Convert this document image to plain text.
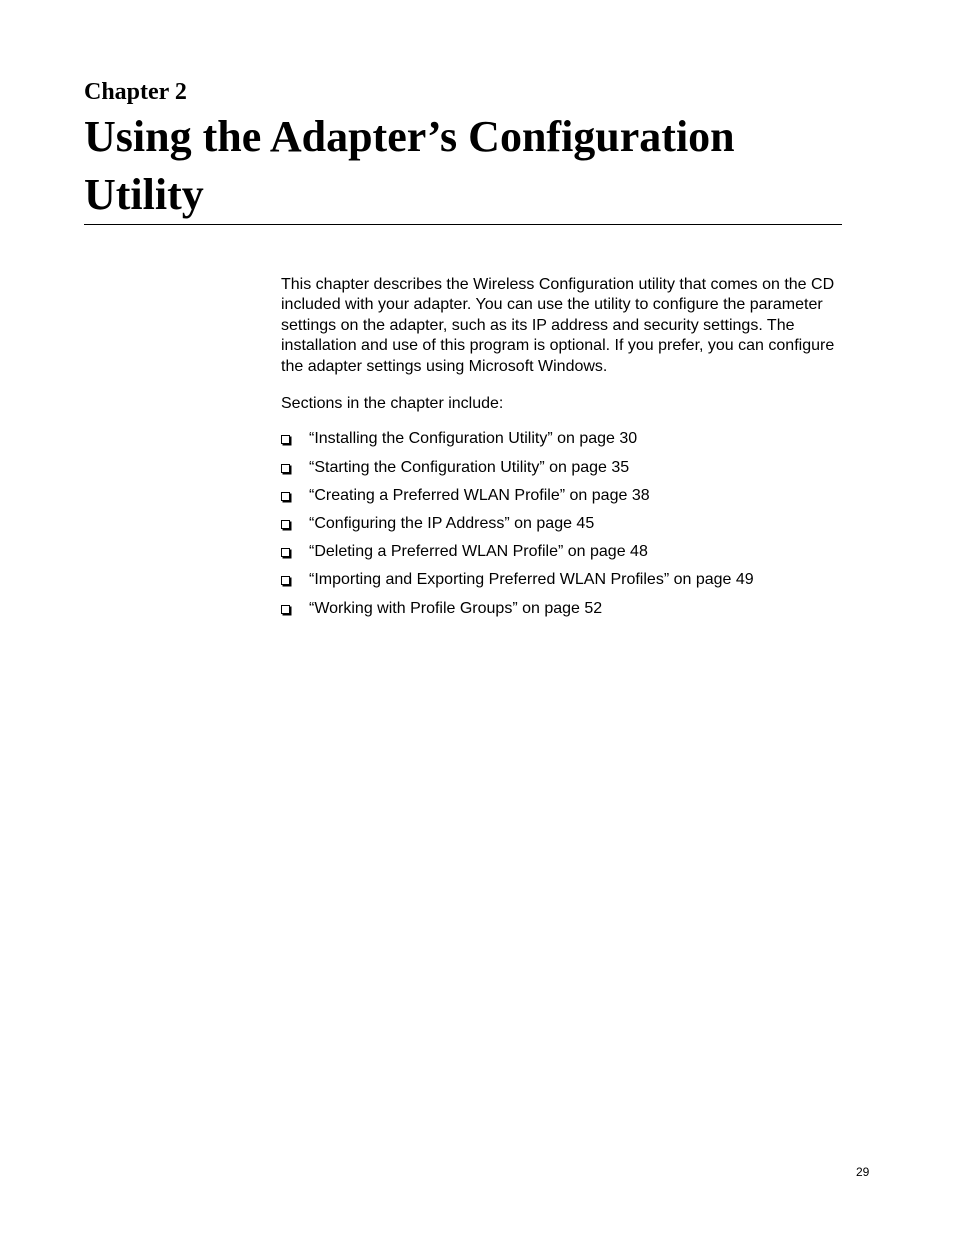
Chapter 2
Using the Adapter’s Configuration Utility

This chapter describes the Wireless Configuration utility that comes on the CD included with your adapter. You can use the utility to configure the parameter settings on the adapter, such as its IP address and security settings. The installation and use of this program is optional. If you prefer, you can configure the adapter settings using Microsoft Windows.

Sections in the chapter include:

“Installing the Configuration Utility” on page 30
“Starting the Configuration Utility” on page 35
“Creating a Preferred WLAN Profile” on page 38
“Configuring the IP Address” on page 45
“Deleting a Preferred WLAN Profile” on page 48
“Importing and Exporting Preferred WLAN Profiles” on page 49
“Working with Profile Groups” on page 52
29
